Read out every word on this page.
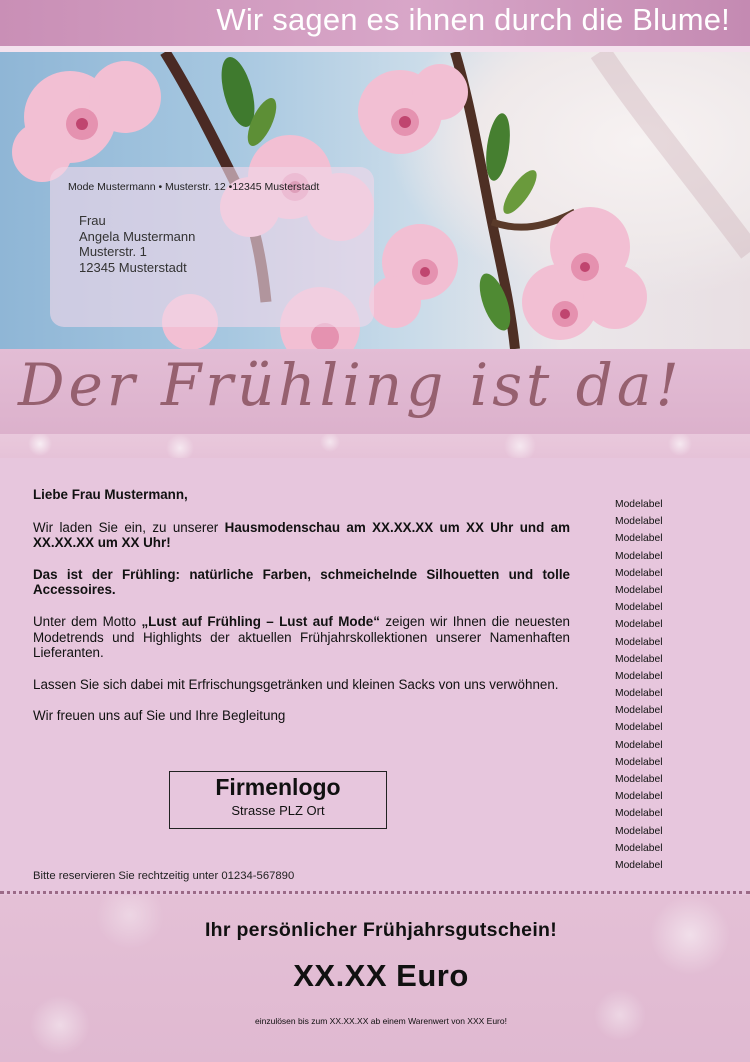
Wir sagen es ihnen durch die Blume!
Mode Mustermann • Musterstr. 12 •12345 Musterstadt
Frau
Angela Mustermann
Musterstr. 1
12345 Musterstadt
Der Frühling ist da!

Liebe Frau Mustermann,

Wir laden Sie ein, zu unserer Hausmodenschau am XX.XX.XX um XX Uhr und am XX.XX.XX um XX Uhr!

Das ist der Frühling: natürliche Farben, schmeichelnde Silhouetten und tolle Accessoires.

Unter dem Motto „Lust auf Frühling – Lust auf Mode“ zeigen wir Ihnen die neuesten Modetrends und Highlights der aktuellen Frühjahrskollektionen unserer Namenhaften Lieferanten.

Lassen Sie sich dabei mit Erfrischungsgetränken und kleinen Sacks von uns verwöhnen.

Wir freuen uns auf Sie und Ihre Begleitung

Modelabel
Modelabel
Modelabel
Modelabel
Modelabel
Modelabel
Modelabel
Modelabel
Modelabel
Modelabel
Modelabel
Modelabel
Modelabel
Modelabel
Modelabel
Modelabel
Modelabel
Modelabel
Modelabel
Modelabel
Modelabel
Modelabel
Firmenlogo
Strasse PLZ Ort
Bitte reservieren Sie rechtzeitig unter 01234-567890
Ihr persönlicher Frühjahrsgutschein!
XX.XX Euro
einzulösen bis zum XX.XX.XX ab einem Warenwert von XXX Euro!
